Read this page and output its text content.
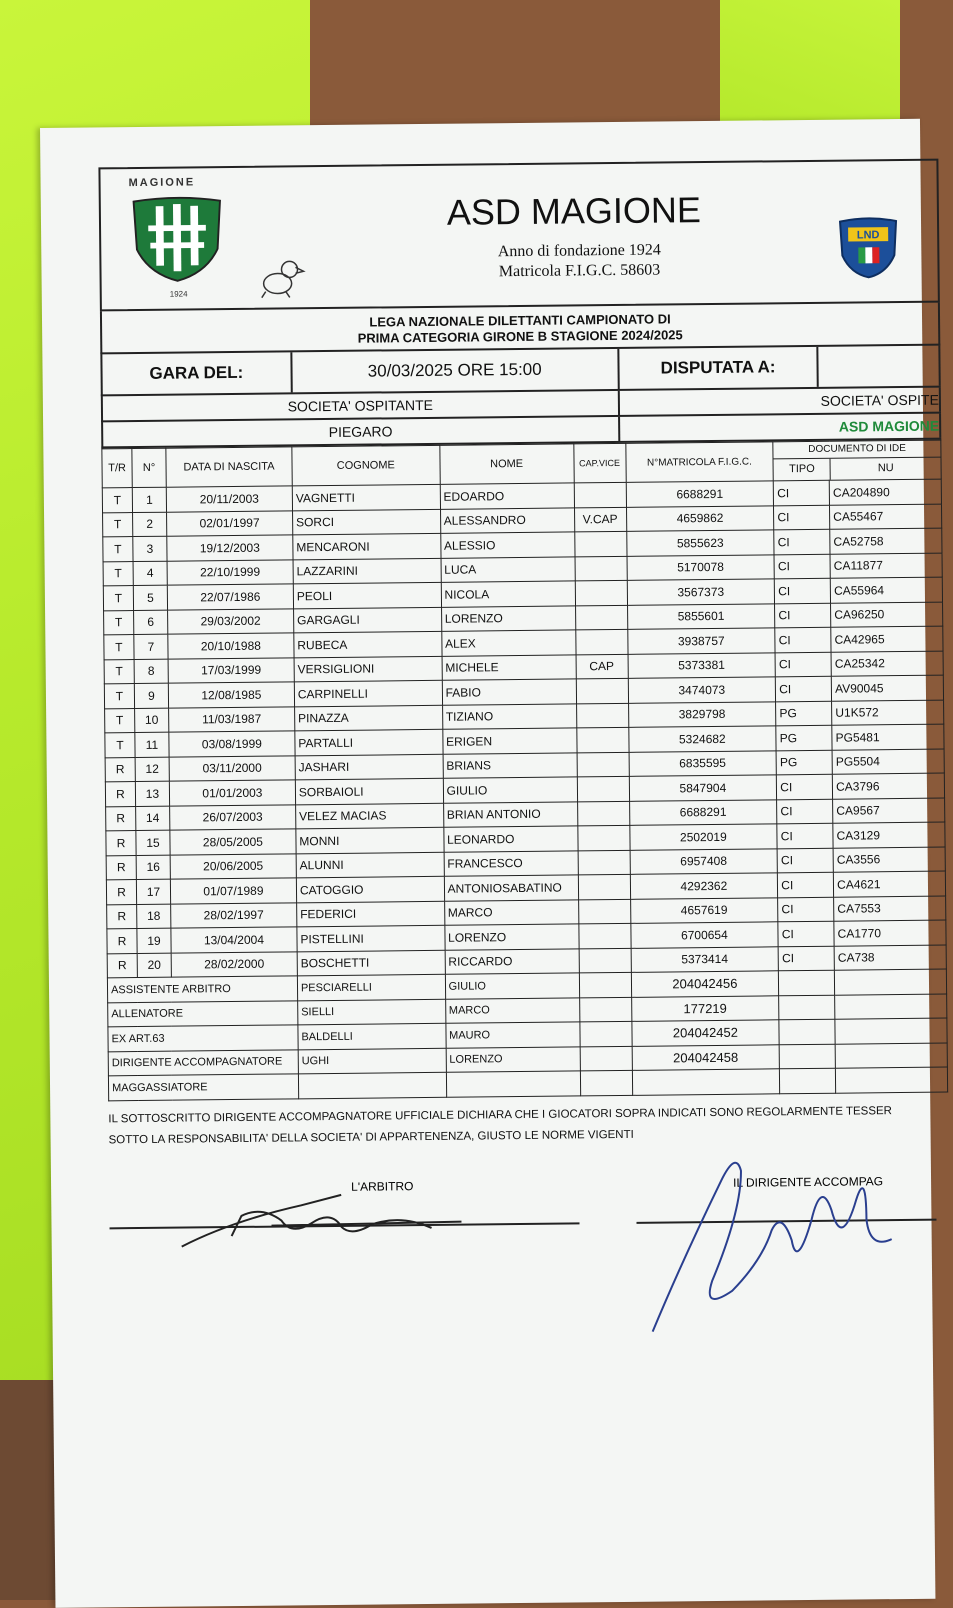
MAGIONE
1924
ASD MAGIONE
Anno di fondazione 1924
Matricola F.I.G.C. 58603
LND
LEGA NAZIONALE DILETTANTI CAMPIONATO DI
PRIMA CATEGORIA GIRONE B STAGIONE 2024/2025
GARA DEL:	30/03/2025 ORE 15:00	DISPUTATA A:
SOCIETA' OSPITANTE	SOCIETA' OSPITE
PIEGARO	ASD MAGIONE
T/R	N°	DATA DI NASCITA	COGNOME	NOME	CAP.VICE	N°MATRICOLA F.I.G.C.	DOCUMENTO DI IDE
TIPO NU	

T	1	20/11/2003	VAGNETTI	EDOARDO		6688291	CI	CA204890
T	2	02/01/1997	SORCI	ALESSANDRO	V.CAP	4659862	CI	CA55467
T	3	19/12/2003	MENCARONI	ALESSIO		5855623	CI	CA52758
T	4	22/10/1999	LAZZARINI	LUCA		5170078	CI	CA11877
T	5	22/07/1986	PEOLI	NICOLA		3567373	CI	CA55964
T	6	29/03/2002	GARGAGLI	LORENZO		5855601	CI	CA96250
T	7	20/10/1988	RUBECA	ALEX		3938757	CI	CA42965
T	8	17/03/1999	VERSIGLIONI	MICHELE	CAP	5373381	CI	CA25342
T	9	12/08/1985	CARPINELLI	FABIO		3474073	CI	AV90045
T	10	11/03/1987	PINAZZA	TIZIANO		3829798	PG	U1K572
T	11	03/08/1999	PARTALLI	ERIGEN		5324682	PG	PG5481
R	12	03/11/2000	JASHARI	BRIANS		6835595	PG	PG5504
R	13	01/01/2003	SORBAIOLI	GIULIO		5847904	CI	CA3796
R	14	26/07/2003	VELEZ MACIAS	BRIAN ANTONIO		6688291	CI	CA9567
R	15	28/05/2005	MONNI	LEONARDO		2502019	CI	CA3129
R	16	20/06/2005	ALUNNI	FRANCESCO		6957408	CI	CA3556
R	17	01/07/1989	CATOGGIO	ANTONIOSABATINO		4292362	CI	CA4621
R	18	28/02/1997	FEDERICI	MARCO		4657619	CI	CA7553
R	19	13/04/2004	PISTELLINI	LORENZO		6700654	CI	CA1770
R	20	28/02/2000	BOSCHETTI	RICCARDO		5373414	CI	CA738
ASSISTENTE ARBITRO			PESCIARELLI	GIULIO		204042456		
ALLENATORE			SIELLI	MARCO		177219		
EX ART.63			BALDELLI	MAURO		204042452		
DIRIGENTE ACCOMPAGNATORE			UGHI	LORENZO		204042458		
MAGGASSIATORE								
IL SOTTOSCRITTO DIRIGENTE ACCOMPAGNATORE UFFICIALE DICHIARA CHE I GIOCATORI SOPRA INDICATI SONO REGOLARMENTE TESSER
SOTTO LA RESPONSABILITA' DELLA SOCIETA' DI APPARTENENZA, GIUSTO LE NORME VIGENTI
L'ARBITRO	IL DIRIGENTE ACCOMPAG
